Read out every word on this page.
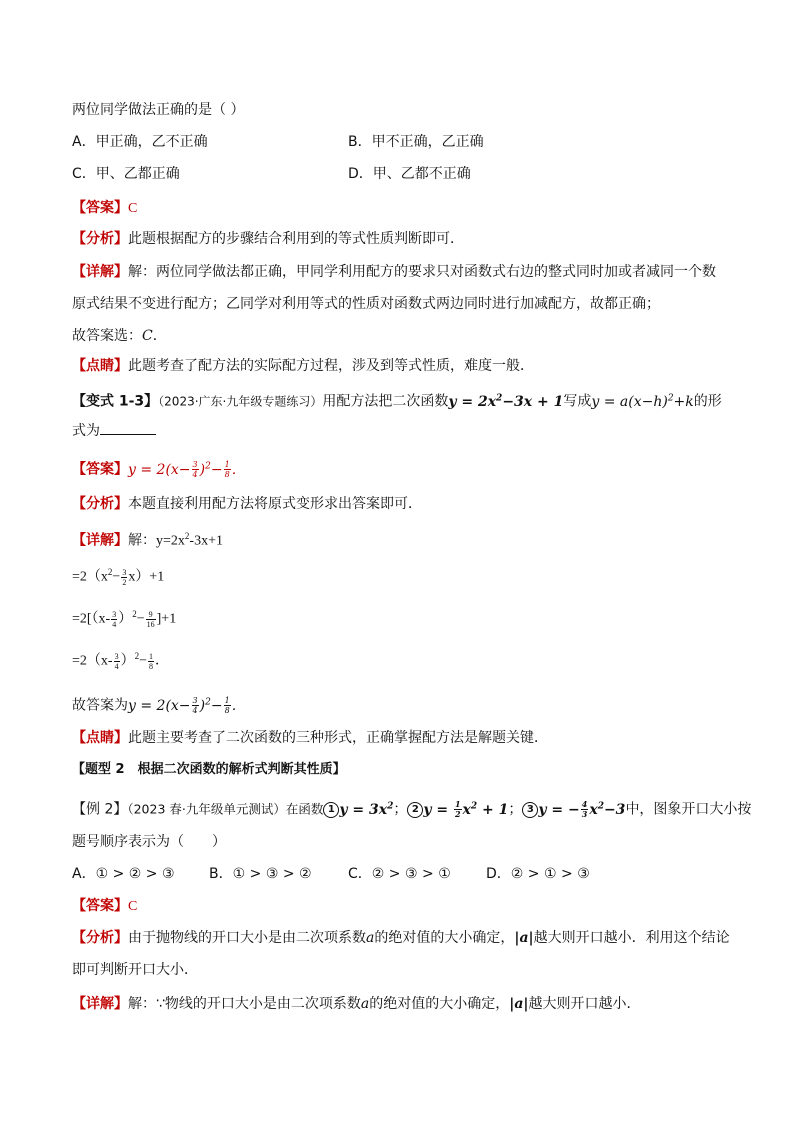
两位同学做法正确的是（ ）
A．甲正确，乙不正确	B．甲不正确，乙正确
C．甲、乙都正确	D．甲、乙都不正确
【答案】C
【分析】此题根据配方的步骤结合利用到的等式性质判断即可．
【详解】解：两位同学做法都正确，甲同学利用配方的要求只对函数式右边的整式同时加或者减同一个数
原式结果不变进行配方；乙同学对利用等式的性质对函数式两边同时进行加减配方，故都正确；
故答案选：C．
【点睛】此题考查了配方法的实际配方过程，涉及到等式性质，难度一般．
【变式 1-3】（2023·广东·九年级专题练习）用配方法把二次函数$y = 2x^2-3x + 1$写成$y = a(x-h)^2+k$的形
式为
【答案】$y = 2(x- \frac{3}{4} )^2- \frac{1}{8}$ ．
【分析】本题直接利用配方法将原式变形求出答案即可．
【详解】解：$y=2x^2-3x+1$
$=2(x^2- \frac{3}{2} x)+1$
$=2[(x- \frac{3}{4} )^2- \frac{9}{16} ]+1$
$=2(x- \frac{3}{4} )^2- \frac{1}{8}$ ．
故答案为$y = 2(x- \frac{3}{4} )^2- \frac{1}{8}$ ．
【点睛】此题主要考查了二次函数的三种形式，正确掌握配方法是解题关键．
【题型 2　根据二次函数的解析式判断其性质】
【例 2】（2023 春·九年级单元测试）在函数 1 $y = 3x^2$； 2 $y = \frac{1}{2} x^2 + 1$； 3 y = − $\frac{4}{3} x^2-3$中，图象开口大小按
题号顺序表示为（　　）
A．① > ② > ③ B．① > ③ > ②	C．② > ③ > ①	D．② > ① > ③
【答案】C
【分析】由于抛物线的开口大小是由二次项系数a的绝对值的大小确定，|a|越大则开口越小．利用这个结论
即可判断开口大小．
【详解】解：∵物线的开口大小是由二次项系数a的绝对值的大小确定，|a|越大则开口越小．
